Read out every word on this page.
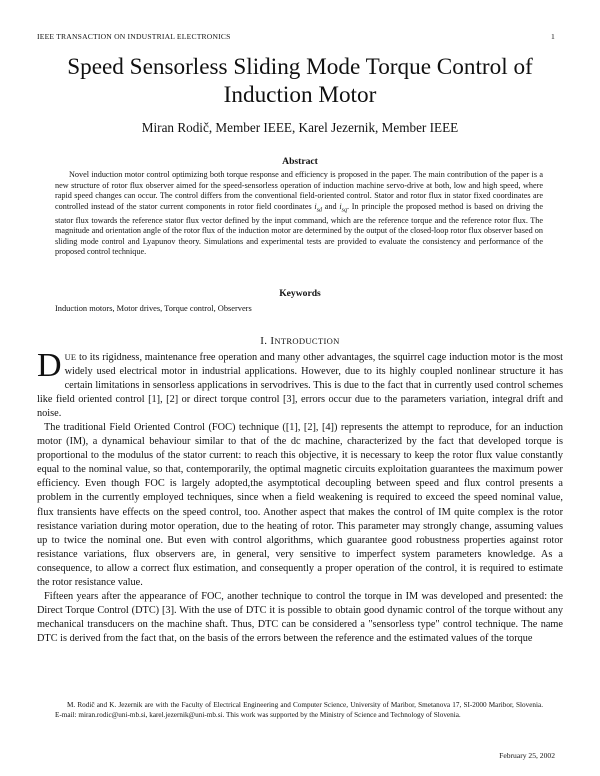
IEEE TRANSACTION ON INDUSTRIAL ELECTRONICS	1
Speed Sensorless Sliding Mode Torque Control of Induction Motor
Miran Rodič, Member IEEE, Karel Jezernik, Member IEEE
Abstract
Novel induction motor control optimizing both torque response and efficiency is proposed in the paper. The main contribution of the paper is a new structure of rotor flux observer aimed for the speed-sensorless operation of induction machine servo-drive at both, low and high speed, where rapid speed changes can occur. The control differs from the conventional field-oriented control. Stator and rotor flux in stator fixed coordinates are controlled instead of the stator current components in rotor field coordinates $i_{sd}$ and $i_{sq}$. In principle the proposed method is based on driving the stator flux towards the reference stator flux vector defined by the input command, which are the reference torque and the reference rotor flux. The magnitude and orientation angle of the rotor flux of the induction motor are determined by the output of the closed-loop rotor flux observer based on sliding mode control and Lyapunov theory. Simulations and experimental tests are provided to evaluate the consistency and performance of the proposed control technique.
Keywords
Induction motors, Motor drives, Torque control, Observers
I. INTRODUCTION

DUE to its rigidness, maintenance free operation and many other advantages, the squirrel cage induction motor is the most widely used electrical motor in industrial applications. However, due to its highly coupled nonlinear structure it has certain limitations in sensorless applications in servodrives. This is due to the fact that in currently used control schemes like field oriented control [1], [2] or direct torque control [3], errors occur due to the parameters variation, integral drift and noise.

The traditional Field Oriented Control (FOC) technique ([1], [2], [4]) represents the attempt to reproduce, for an induction motor (IM), a dynamical behaviour similar to that of the dc machine, characterized by the fact that developed torque is proportional to the modulus of the stator current: to reach this objective, it is necessary to keep the rotor flux value constantly equal to the nominal value, so that, contemporarily, the optimal magnetic circuits exploitation guarantees the maximum power efficiency. Even though FOC is largely adopted,the asymptotical decoupling between speed and flux control presents a problem in the currently employed techniques, since when a field weakening is required to exceed the speed nominal value, flux transients have effects on the speed control, too. Another aspect that makes the control of IM quite complex is the rotor resistance variation during motor operation, due to the heating of rotor. This parameter may strongly change, assuming values up to twice the nominal one. But even with control algorithms, which guarantee good robustness properties against rotor resistance variations, flux observers are, in general, very sensitive to imperfect system parameters knowledge. As a consequence, to allow a correct flux estimation, and consequently a proper operation of the control, it is required to estimate the rotor resistance value.

Fifteen years after the appearance of FOC, another technique to control the torque in IM was developed and presented: the Direct Torque Control (DTC) [3]. With the use of DTC it is possible to obtain good dynamic control of the torque without any mechanical transducers on the machine shaft. Thus, DTC can be considered a "sensorless type" control technique. The name DTC is derived from the fact that, on the basis of the errors between the reference and the estimated values of the torque

M. Rodič and K. Jezernik are with the Faculty of Electrical Engineering and Computer Science, University of Maribor, Smetanova 17, SI-2000 Maribor, Slovenia. E-mail: miran.rodic@uni-mb.si, karel.jezernik@uni-mb.si. This work was supported by the Ministry of Science and Technology of Slovenia.
February 25, 2002
